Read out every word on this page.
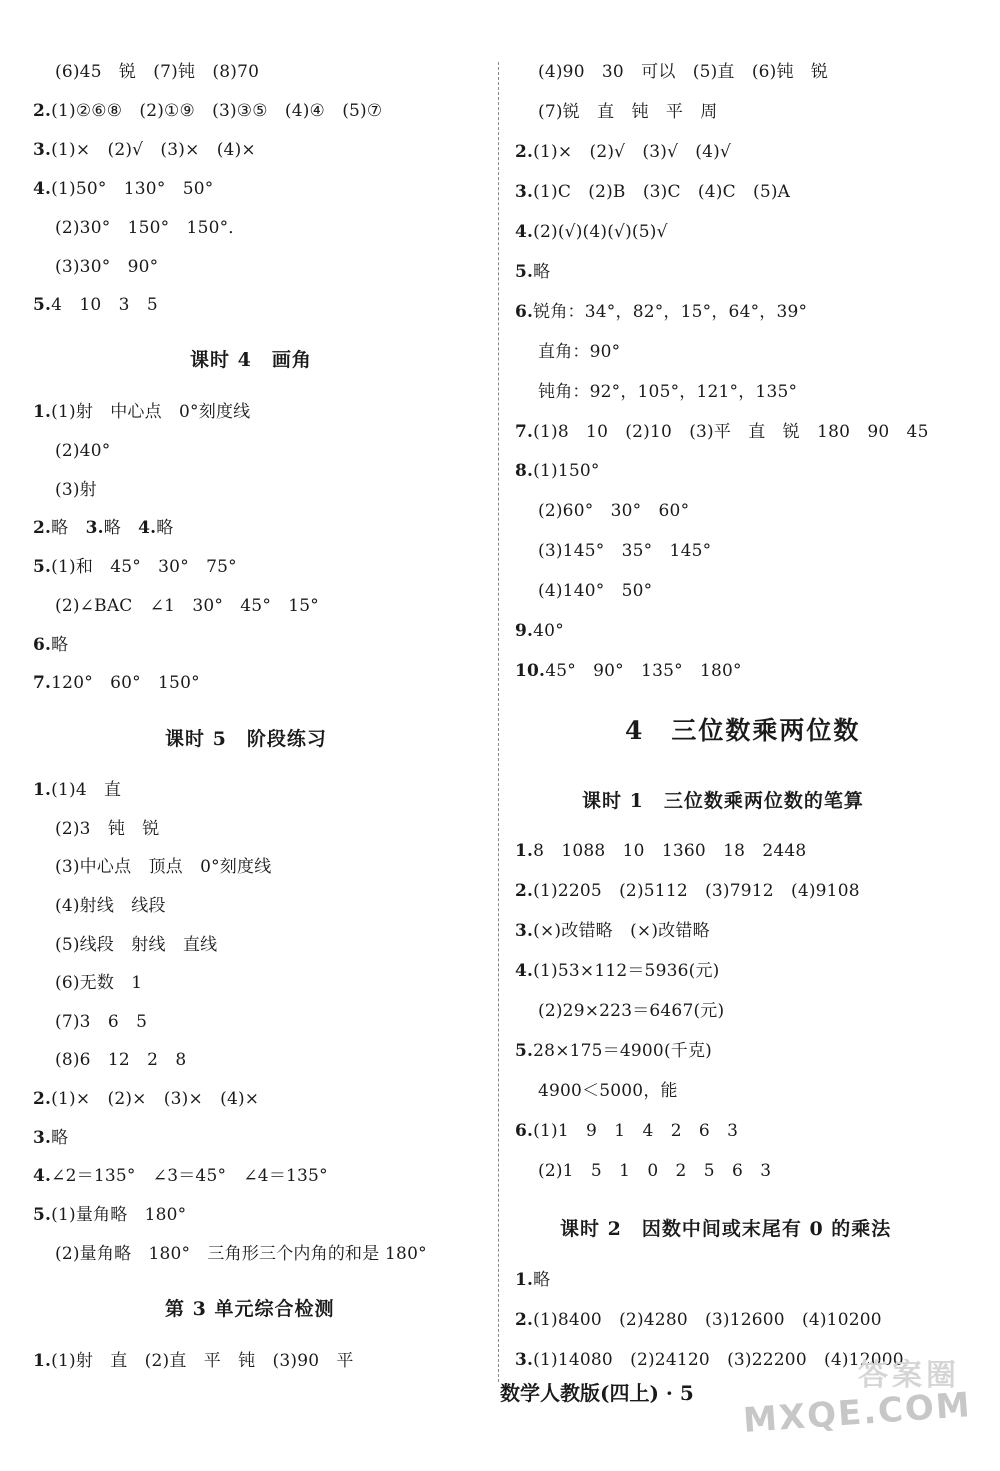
(6)45　锐　(7)钝　(8)70
2.(1)②⑥⑧　(2)①⑨　(3)③⑤　(4)④　(5)⑦
3.(1)×　(2)√　(3)×　(4)×
4.(1)50°　130°　50°
(2)30°　150°　150°．
(3)30°　90°
5.4　10　3　5
课时 4　画角
1.(1)射　中心点　0°刻度线
(2)40°
(3)射
2.略　3.略　4.略
5.(1)和　45°　30°　75°
(2)∠BAC　∠1　30°　45°　15°
6.略
7.120°　60°　150°
课时 5　阶段练习
1.(1)4　直
(2)3　钝　锐
(3)中心点　顶点　0°刻度线
(4)射线　线段
(5)线段　射线　直线
(6)无数　1
(7)3　6　5
(8)6　12　2　8
2.(1)×　(2)×　(3)×　(4)×
3.略
4.∠2＝135°　∠3＝45°　∠4＝135°
5.(1)量角略　180°
(2)量角略　180°　三角形三个内角的和是 180°
第 3 单元综合检测
1.(1)射　直　(2)直　平　钝　(3)90　平
(4)90　30　可以　(5)直　(6)钝　锐
(7)锐　直　钝　平　周
2.(1)×　(2)√　(3)√　(4)√
3.(1)C　(2)B　(3)C　(4)C　(5)A
4.(2)(√)(4)(√)(5)√
5.略
6.锐角：34°，82°，15°，64°，39°
直角：90°
钝角：92°，105°，121°，135°
7.(1)8　10　(2)10　(3)平　直　锐　180　90　45
8.(1)150°
(2)60°　30°　60°
(3)145°　35°　145°
(4)140°　50°
9.40°
10.45°　90°　135°　180°
4　三位数乘两位数
课时 1　三位数乘两位数的笔算
1.8　1088　10　1360　18　2448
2.(1)2205　(2)5112　(3)7912　(4)9108
3.(×)改错略　(×)改错略
4.(1)53×112＝5936(元)
(2)29×223＝6467(元)
5.28×175＝4900(千克)
4900＜5000，能
6.(1)1　9　1　4　2　6　3
(2)1　5　1　0　2　5　6　3
课时 2　因数中间或末尾有 0 的乘法
1.略
2.(1)8400　(2)4280　(3)12600　(4)10200
3.(1)14080　(2)24120　(3)22200　(4)12000
数学人教版(四上) · 5	答案圈
MXQE.COM
